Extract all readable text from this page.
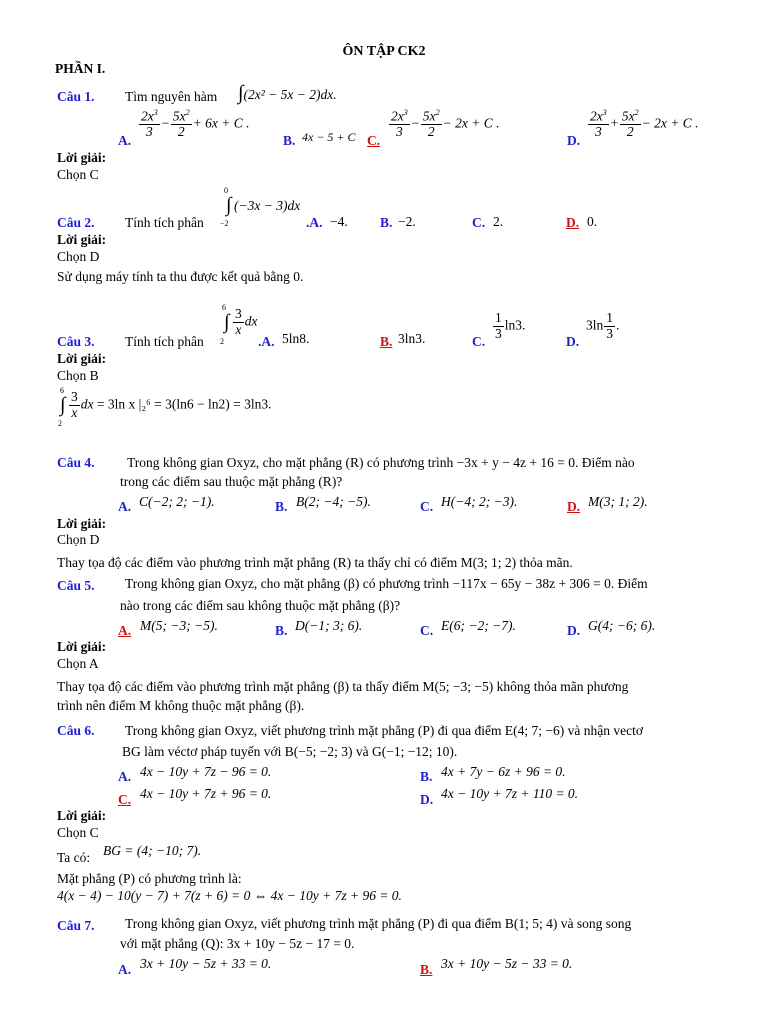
ÔN TẬP CK2
PHẦN I.
Câu 1. Tìm nguyên hàm ∫(2x² − 5x − 2)dx.
A.
$\frac{2x^3}{3} - \frac{5x^2}{2} + 6x + C$ .
B. 4x − 5 + C C.
$\frac{2x^3}{3} - \frac{5x^2}{2} - 2x + C$ .
D.
$\frac{2x^3}{3} + \frac{5x^2}{2} - 2x + C$ .
Lời giải:
Chọn C
Câu 2. Tính tích phân
0
∫
−2
(−3x − 3)dx
.A. −4. B. −2.	C. 2.	D. 0.
Lời giải:
Chọn D
Sử dụng máy tính ta thu được kết quả bằng 0.
Câu 3. Tính tích phân
6
∫
2
$\frac{3}{x}$ dx
.A. 5ln8.	B. 3ln3.	C. $\frac{1}{3} \ln 3$.
D.
$3\ln \frac{1}{3}$ .
Lời giải:
Chọn B
6
∫
2
$\frac{3}{x}$ dx = 3ln x |₂⁶ = 3(ln6 − ln2) = 3ln3.
Câu 4. Trong không gian Oxyz, cho mặt phẳng (R) có phương trình −3x + y − 4z + 16 = 0. Điểm nào
trong các điểm sau thuộc mặt phẳng (R)?
A. C(−2; 2; −1).	B. B(2; −4; −5).	C. H(−4; 2; −3).	D. M(3; 1; 2).
Lời giải:
Chọn D
Thay tọa độ các điểm vào phương trình mặt phẳng (R) ta thấy chỉ có điểm M(3; 1; 2) thỏa mãn.
Câu 5. Trong không gian Oxyz, cho mặt phẳng (β) có phương trình −117x − 65y − 38z + 306 = 0. Điểm
nào trong các điểm sau không thuộc mặt phẳng (β)?
A. M(5; −3; −5).	B. D(−1; 3; 6).	C. E(6; −2; −7).	D. G(4; −6; 6).
Lời giải:
Chọn A
Thay tọa độ các điểm vào phương trình mặt phẳng (β) ta thấy điểm M(5; −3; −5) không thỏa mãn phương
trình nên điểm M không thuộc mặt phẳng (β).
Câu 6. Trong không gian Oxyz, viết phương trình mặt phẳng (P) đi qua điểm E(4; 7; −6) và nhận vectơ
BG làm véctơ pháp tuyến với B(−5; −2; 3) và G(−1; −12; 10).
A. 4x − 10y + 7z − 96 = 0.	B. 4x + 7y − 6z + 96 = 0.
C. 4x − 10y + 7z + 96 = 0.	D. 4x − 10y + 7z + 110 = 0.
Lời giải:
Chọn C
Ta có: BG = (4; −10; 7).
Mặt phẳng (P) có phương trình là:
4(x − 4) − 10(y − 7) + 7(z + 6) = 0 ⇔ 4x − 10y + 7z + 96 = 0.
Câu 7. Trong không gian Oxyz, viết phương trình mặt phẳng (P) đi qua điểm B(1; 5; 4) và song song
với mặt phẳng (Q): 3x + 10y − 5z − 17 = 0.
A. 3x + 10y − 5z + 33 = 0.	B. 3x + 10y − 5z − 33 = 0.
